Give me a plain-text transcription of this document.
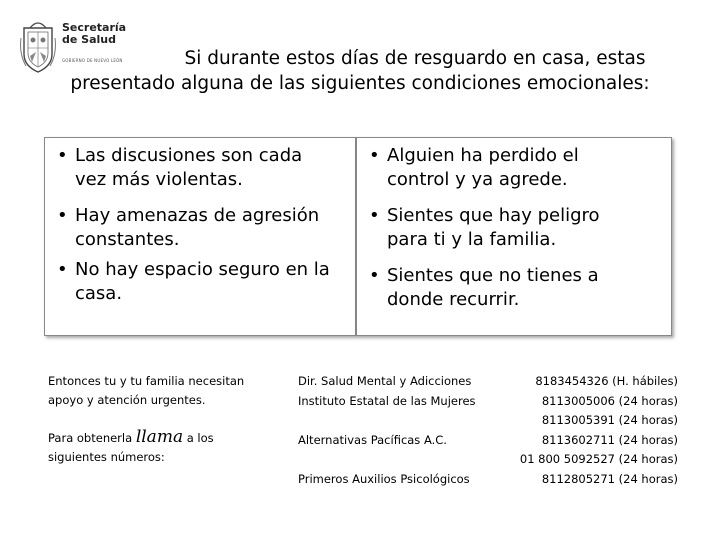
Secretaría
de Salud
GOBIERNO DE NUEVO LEÓN	Si durante estos días de resguardo en casa, estas
presentado alguna de las siguientes condiciones emocionales:
• Las discusiones son cada
vez más violentas.
• Hay amenazas de agresión
constantes.
• No hay espacio seguro en la
casa.
• Alguien ha perdido el
control y ya agrede.
• Sientes que hay peligro
para ti y la familia.
• Sientes que no tienes a
donde recurrir.
Entonces tu y tu familia necesitan
apoyo y atención urgentes.
Para obtenerla llama a los
siguientes números:
Dir. Salud Mental y Adicciones	8183454326 (H. hábiles)
Instituto Estatal de las Mujeres	8113005006 (24 horas)
8113005391 (24 horas)
Alternativas Pacíficas A.C.	8113602711 (24 horas)
01 800 5092527 (24 horas)
Primeros Auxilios Psicológicos	8112805271 (24 horas)
